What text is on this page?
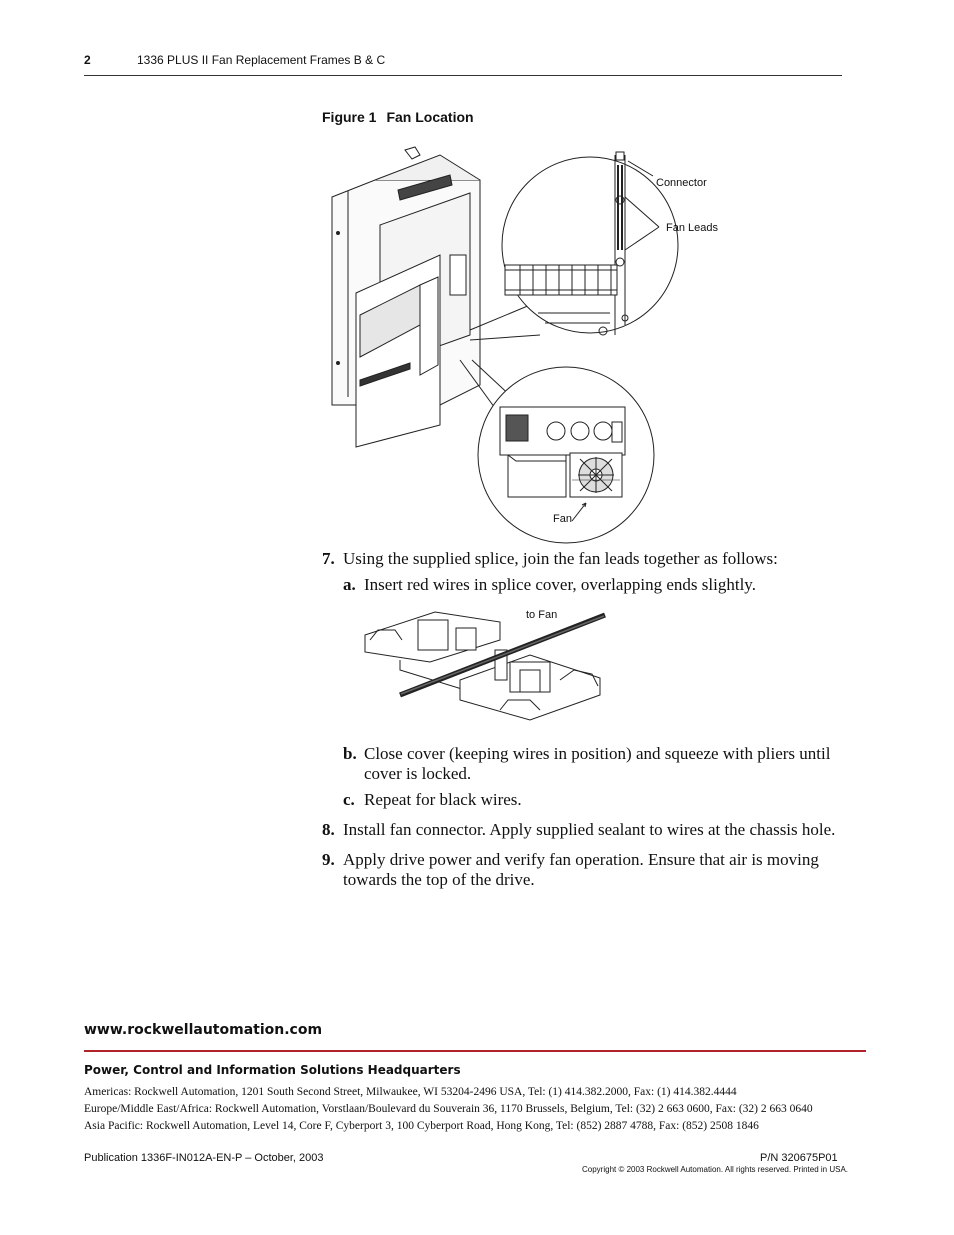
2	1336 PLUS II Fan Replacement Frames B & C
Figure 1 Fan Location
Connector
Fan Leads
Fan
7. Using the supplied splice, join the fan leads together as follows:
a. Insert red wires in splice cover, overlapping ends slightly.
to Fan
b. Close cover (keeping wires in position) and squeeze with pliers until
cover is locked.
c. Repeat for black wires.
8. Install fan connector. Apply supplied sealant to wires at the chassis hole.
9. Apply drive power and verify fan operation. Ensure that air is moving
towards the top of the drive.
www.rockwellautomation.com
Power, Control and Information Solutions Headquarters
Americas: Rockwell Automation, 1201 South Second Street, Milwaukee, WI 53204-2496 USA, Tel: (1) 414.382.2000, Fax: (1) 414.382.4444
Europe/Middle East/Africa: Rockwell Automation, Vorstlaan/Boulevard du Souverain 36, 1170 Brussels, Belgium, Tel: (32) 2 663 0600, Fax: (32) 2 663 0640
Asia Pacific: Rockwell Automation, Level 14, Core F, Cyberport 3, 100 Cyberport Road, Hong Kong, Tel: (852) 2887 4788, Fax: (852) 2508 1846
Publication 1336F-IN012A-EN-P – October, 2003	P/N 320675P01
Copyright © 2003 Rockwell Automation. All rights reserved. Printed in USA.
